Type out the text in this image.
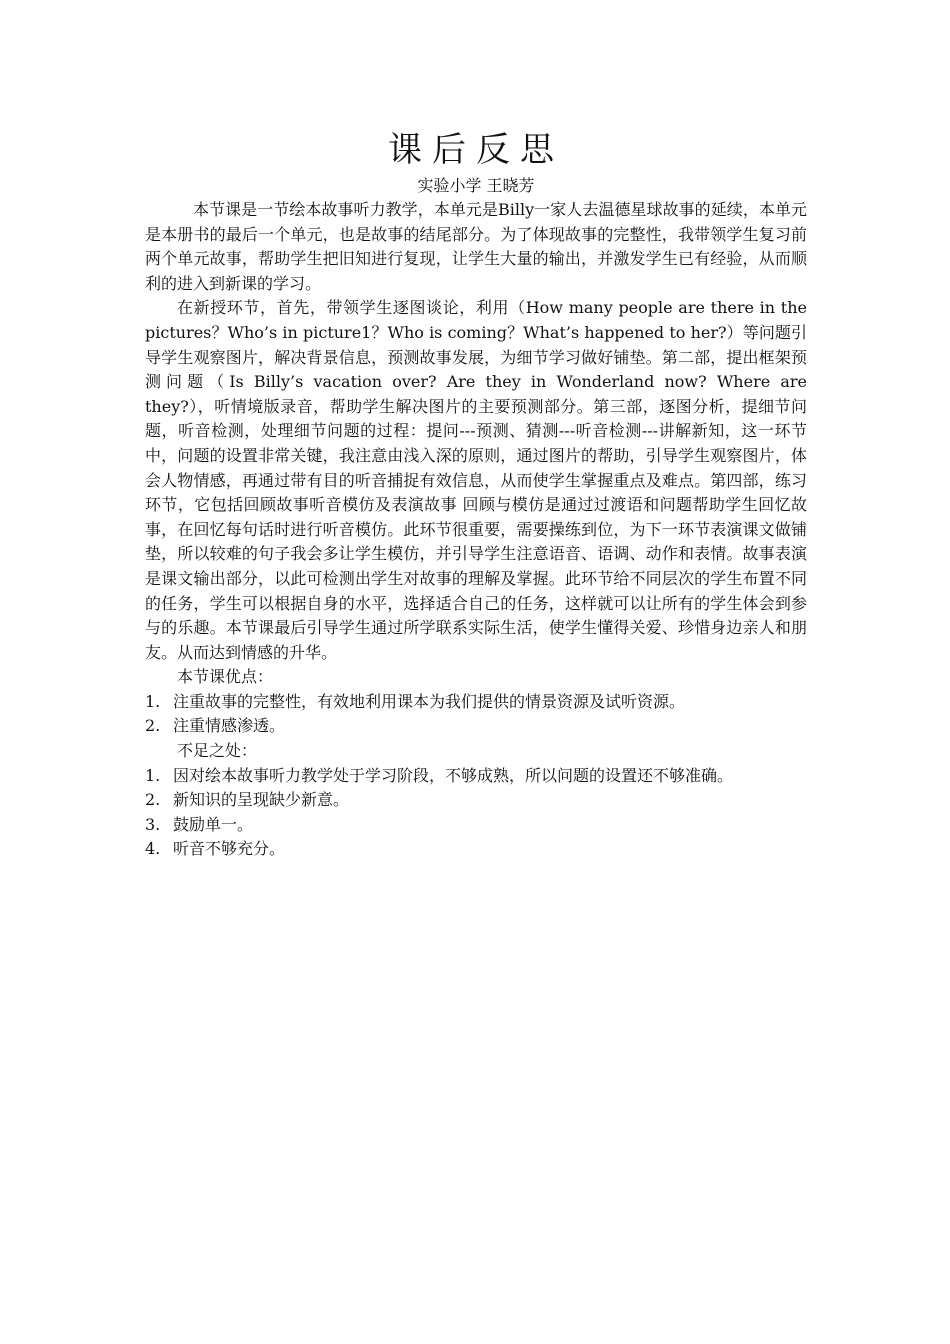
课后反思
实验小学 王晓芳

本节课是一节绘本故事听力教学，本单元是Billy一家人去温德星球故事的延续，本单元是本册书的最后一个单元，也是故事的结尾部分。为了体现故事的完整性，我带领学生复习前两个单元故事，帮助学生把旧知进行复现，让学生大量的输出，并激发学生已有经验，从而顺利的进入到新课的学习。

在新授环节，首先，带领学生逐图谈论，利用（How many people are there in the pictures？Who’s in picture1？Who is coming？What’s happened to her?）等问题引导学生观察图片，解决背景信息，预测故事发展，为细节学习做好铺垫。第二部，提出框架预测问题（Is Billy’s vacation over? Are they in Wonderland now? Where are they?），听情境版录音，帮助学生解决图片的主要预测部分。第三部，逐图分析，提细节问题，听音检测，处理细节问题的过程：提问---预测、猜测---听音检测---讲解新知，这一环节中，问题的设置非常关键，我注意由浅入深的原则，通过图片的帮助，引导学生观察图片，体会人物情感，再通过带有目的听音捕捉有效信息，从而使学生掌握重点及难点。第四部，练习环节，它包括回顾故事听音模仿及表演故事 回顾与模仿是通过过渡语和问题帮助学生回忆故事，在回忆每句话时进行听音模仿。此环节很重要，需要操练到位，为下一环节表演课文做铺垫，所以较难的句子我会多让学生模仿，并引导学生注意语音、语调、动作和表情。故事表演是课文输出部分，以此可检测出学生对故事的理解及掌握。此环节给不同层次的学生布置不同的任务，学生可以根据自身的水平，选择适合自己的任务，这样就可以让所有的学生体会到参与的乐趣。本节课最后引导学生通过所学联系实际生活，使学生懂得关爱、珍惜身边亲人和朋友。从而达到情感的升华。

本节课优点：
1. 注重故事的完整性，有效地利用课本为我们提供的情景资源及试听资源。
2. 注重情感渗透。
不足之处：
1. 因对绘本故事听力教学处于学习阶段，不够成熟，所以问题的设置还不够准确。
2. 新知识的呈现缺少新意。
3. 鼓励单一。
4. 听音不够充分。
